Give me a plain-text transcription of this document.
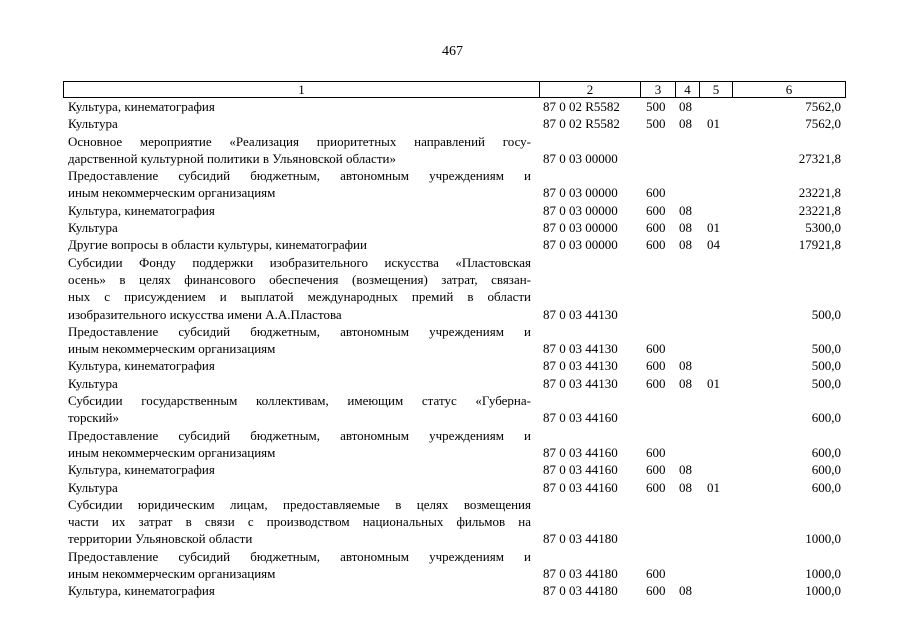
467
1	2	3	4	5	6
Культура, кинематография	87 0 02 R5582 500 08	7562,0
Культура	87 0 02 R5582 500 08 01	7562,0
Основное мероприятие «Реализация приоритетных направлений госу-
дарственной культурной политики в Ульяновской области»	87 0 03 00000	27321,8
Предоставление субсидий бюджетным, автономным учреждениям и
иным некоммерческим организациям	87 0 03 00000 600	23221,8
Культура, кинематография	87 0 03 00000 600 08	23221,8
Культура	87 0 03 00000 600 08 01	5300,0
Другие вопросы в области культуры, кинематографии	87 0 03 00000 600 08 04	17921,8
Субсидии Фонду поддержки изобразительного искусства «Пластовская
осень» в целях финансового обеспечения (возмещения) затрат, связан-
ных с присуждением и выплатой международных премий в области
изобразительного искусства имени А.А.Пластова	87 0 03 44130	500,0
Предоставление субсидий бюджетным, автономным учреждениям и
иным некоммерческим организациям	87 0 03 44130 600	500,0
Культура, кинематография	87 0 03 44130 600 08	500,0
Культура	87 0 03 44130 600 08 01	500,0
Субсидии государственным коллективам, имеющим статус «Губерна-
торский»	87 0 03 44160	600,0
Предоставление субсидий бюджетным, автономным учреждениям и
иным некоммерческим организациям	87 0 03 44160 600	600,0
Культура, кинематография	87 0 03 44160 600 08	600,0
Культура	87 0 03 44160 600 08 01	600,0
Субсидии юридическим лицам, предоставляемые в целях возмещения
части их затрат в связи с производством национальных фильмов на
территории Ульяновской области	87 0 03 44180	1000,0
Предоставление субсидий бюджетным, автономным учреждениям и
иным некоммерческим организациям	87 0 03 44180 600	1000,0
Культура, кинематография	87 0 03 44180 600 08	1000,0
